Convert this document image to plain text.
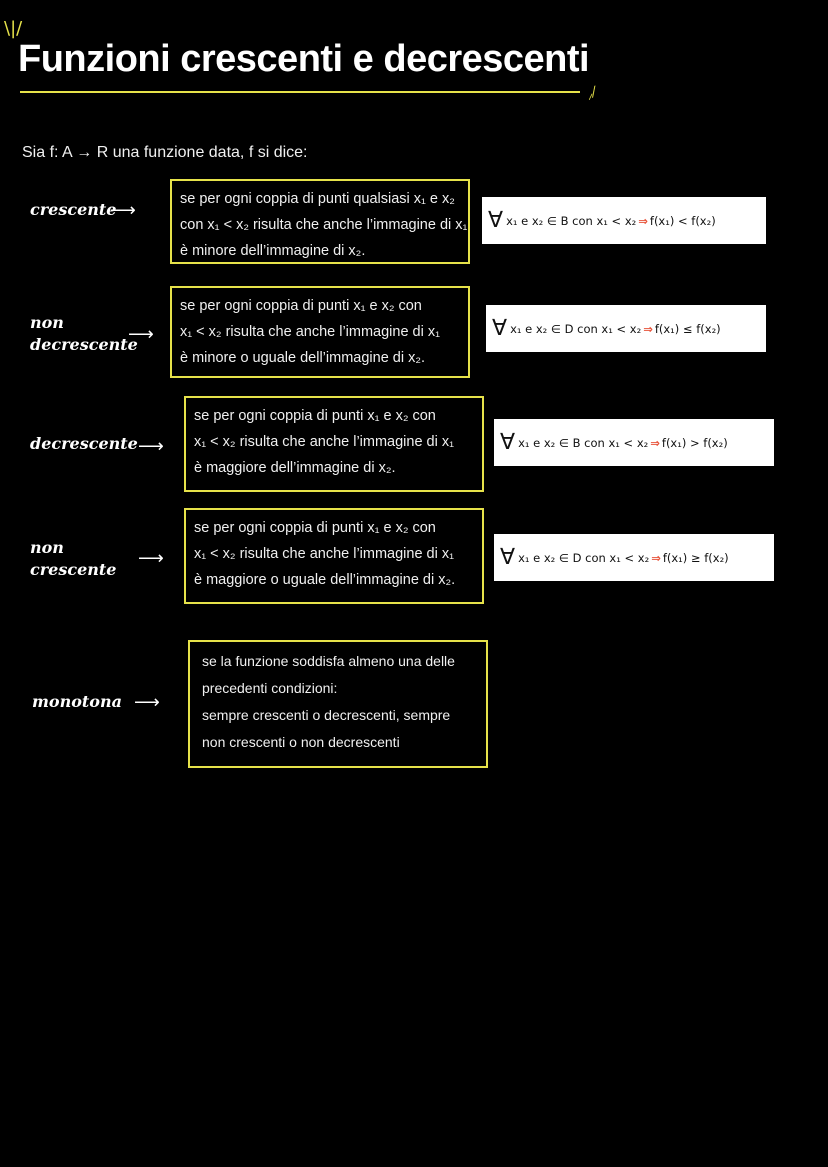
\|/
⸝⁄
Funzioni crescenti e decrescenti
Sia f: A → R una funzione data, f si dice:
crescente
⟶
se per ogni coppia di punti qualsiasi x₁ e x₂
con x₁ < x₂ risulta che anche l’immagine di x₁
è minore dell’immagine di x₂.
∀ x₁ e x₂ ∈ B con x₁ < x₂ ⇒ f(x₁) < f(x₂)
non
decrescente
⟶
se per ogni coppia di punti x₁ e x₂ con
x₁ < x₂ risulta che anche l’immagine di x₁
è minore o uguale dell’immagine di x₂.
∀ x₁ e x₂ ∈ D con x₁ < x₂ ⇒ f(x₁) ≤ f(x₂)
decrescente ⟶
se per ogni coppia di punti x₁ e x₂ con
x₁ < x₂ risulta che anche l’immagine di x₁
è maggiore dell’immagine di x₂.
∀ x₁ e x₂ ∈ B con x₁ < x₂ ⇒ f(x₁) > f(x₂)
non
crescente
⟶
se per ogni coppia di punti x₁ e x₂ con
x₁ < x₂ risulta che anche l’immagine di x₁
è maggiore o uguale dell’immagine di x₂.
∀ x₁ e x₂ ∈ D con x₁ < x₂ ⇒ f(x₁) ≥ f(x₂)
monotona ⟶
se la funzione soddisfa almeno una delle
precedenti condizioni:
sempre crescenti o decrescenti, sempre
non crescenti o non decrescenti
